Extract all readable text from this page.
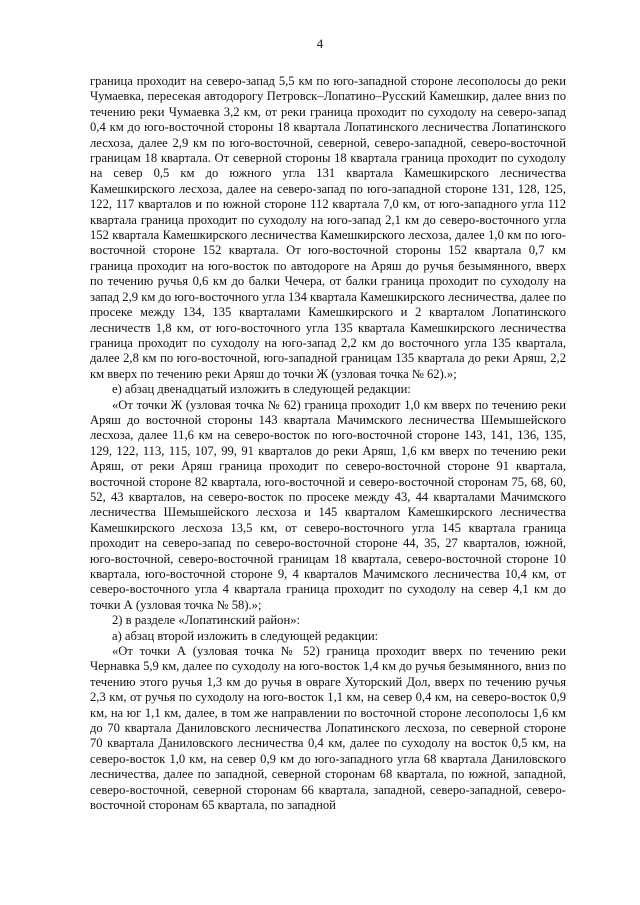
4

граница проходит на северо-запад 5,5 км по юго-западной стороне лесополосы до реки Чумаевка, пересекая автодорогу Петровск–Лопатино–Русский Камешкир, далее вниз по течению реки Чумаевка 3,2 км, от реки граница проходит по суходолу на северо-запад 0,4 км до юго-восточной стороны 18 квартала Лопатинского лесничества Лопатинского лесхоза, далее 2,9 км по юго-восточной, северной, северо-западной, северо-восточной границам 18 квартала. От северной стороны 18 квартала граница проходит по суходолу на север 0,5 км до южного угла 131 квартала Камешкирского лесничества Камешкирского лесхоза, далее на северо-запад по юго-западной стороне 131, 128, 125, 122, 117 кварталов и по южной стороне 112 квартала 7,0 км, от юго-западного угла 112 квартала граница проходит по суходолу на юго-запад 2,1 км до северо-восточного угла 152 квартала Камешкирского лесничества Камешкирского лесхоза, далее 1,0 км по юго-восточной стороне 152 квартала. От юго-восточной стороны 152 квартала 0,7 км граница проходит на юго-восток по автодороге на Аряш до ручья безымянного, вверх по течению ручья 0,6 км до балки Чечера, от балки граница проходит по суходолу на запад 2,9 км до юго-восточного угла 134 квартала Камешкирского лесничества, далее по просеке между 134, 135 кварталами Камешкирского и 2 кварталом Лопатинского лесничеств 1,8 км, от юго-восточного угла 135 квартала Камешкирского лесничества граница проходит по суходолу на юго-запад 2,2 км до восточного угла 135 квартала, далее 2,8 км по юго-восточной, юго-западной границам 135 квартала до реки Аряш, 2,2 км вверх по течению реки Аряш до точки Ж (узловая точка № 62).»;

е) абзац двенадцатый изложить в следующей редакции:

«От точки Ж (узловая точка № 62) граница проходит 1,0 км вверх по течению реки Аряш до восточной стороны 143 квартала Мачимского лесничества Шемышейского лесхоза, далее 11,6 км на северо-восток по юго-восточной стороне 143, 141, 136, 135, 129, 122, 113, 115, 107, 99, 91 кварталов до реки Аряш, 1,6 км вверх по течению реки Аряш, от реки Аряш граница проходит по северо-восточной стороне 91 квартала, восточной стороне 82 квартала, юго-восточной и северо-восточной сторонам 75, 68, 60, 52, 43 кварталов, на северо-восток по просеке между 43, 44 кварталами Мачимского лесничества Шемышейского лесхоза и 145 кварталом Камешкирского лесничества Камешкирского лесхоза 13,5 км, от северо-восточного угла 145 квартала граница проходит на северо-запад по северо-восточной стороне 44, 35, 27 кварталов, южной, юго-восточной, северо-восточной границам 18 квартала, северо-восточной стороне 10 квартала, юго-восточной стороне 9, 4 кварталов Мачимского лесничества 10,4 км, от северо-восточного угла 4 квартала граница проходит по суходолу на север 4,1 км до точки А (узловая точка № 58).»;

2) в разделе «Лопатинский район»:

а) абзац второй изложить в следующей редакции:

«От точки А (узловая точка № 52) граница проходит вверх по течению реки Чернавка 5,9 км, далее по суходолу на юго-восток 1,4 км до ручья безымянного, вниз по течению этого ручья 1,3 км до ручья в овраге Хуторский Дол, вверх по течению ручья 2,3 км, от ручья по суходолу на юго-восток 1,1 км, на север 0,4 км, на северо-восток 0,9 км, на юг 1,1 км, далее, в том же направлении по восточной стороне лесополосы 1,6 км до 70 квартала Даниловского лесничества Лопатинского лесхоза, по северной стороне 70 квартала Даниловского лесничества 0,4 км, далее по суходолу на восток 0,5 км, на северо-восток 1,0 км, на север 0,9 км до юго-западного угла 68 квартала Даниловского лесничества, далее по западной, северной сторонам 68 квартала, по южной, западной, северо-восточной, северной сторонам 66 квартала, западной, северо-западной, северо-восточной сторонам 65 квартала, по западной
